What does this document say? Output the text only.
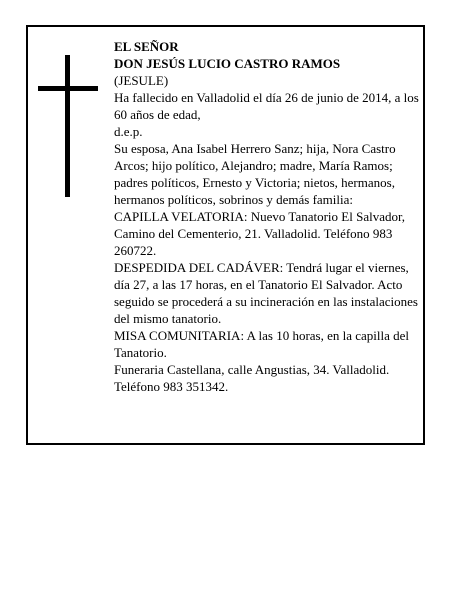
EL SEÑOR

DON JESÚS LUCIO CASTRO RAMOS

(JESULE)

Ha fallecido en Valladolid el día 26 de junio de 2014, a los 60 años de edad,

d.e.p.

Su esposa, Ana Isabel Herrero Sanz; hija, Nora Castro Arcos; hijo político, Alejandro; madre, María Ramos; padres políticos, Ernesto y Victoria; nietos, hermanos, hermanos políticos, sobrinos y demás familia:

CAPILLA VELATORIA: Nuevo Tanatorio El Salvador, Camino del Cementerio, 21. Valladolid. Teléfono 983 260722.

DESPEDIDA DEL CADÁVER: Tendrá lugar el viernes, día 27, a las 17 horas, en el Tanatorio El Salvador. Acto seguido se procederá a su incineración en las instalaciones del mismo tanatorio.

MISA COMUNITARIA: A las 10 horas, en la capilla del Tanatorio.

Funeraria Castellana, calle Angustias, 34. Valladolid. Teléfono 983 351342.
